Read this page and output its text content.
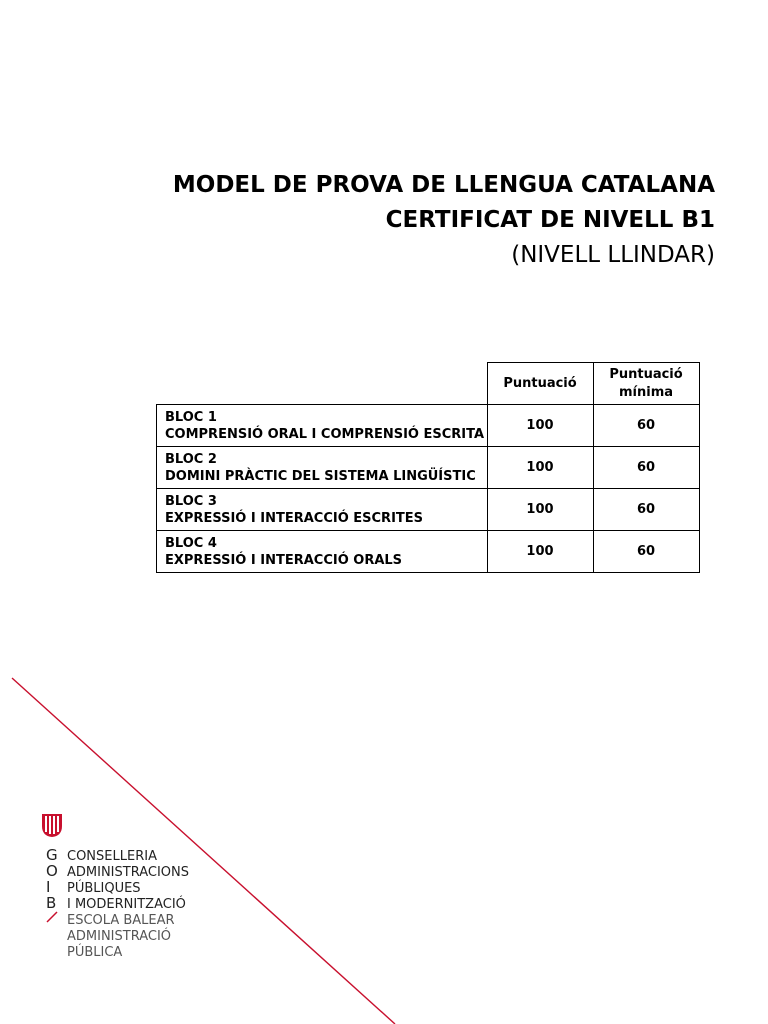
MODEL DE PROVA DE LLENGUA CATALANA

CERTIFICAT DE NIVELL B1

(NIVELL LLINDAR)

	Puntuació	Puntuació
mínima
BLOC 1
COMPRENSIÓ ORAL I COMPRENSIÓ ESCRITA	100	60
BLOC 2
DOMINI PRÀCTIC DEL SISTEMA LINGÜÍSTIC	100	60
BLOC 3
EXPRESSIÓ I INTERACCIÓ ESCRITES	100	60
BLOC 4
EXPRESSIÓ I INTERACCIÓ ORALS	100	60
G
O
I
B
CONSELLERIA
ADMINISTRACIONS
PÚBLIQUES
I MODERNITZACIÓ
ESCOLA BALEAR
ADMINISTRACIÓ
PÚBLICA
